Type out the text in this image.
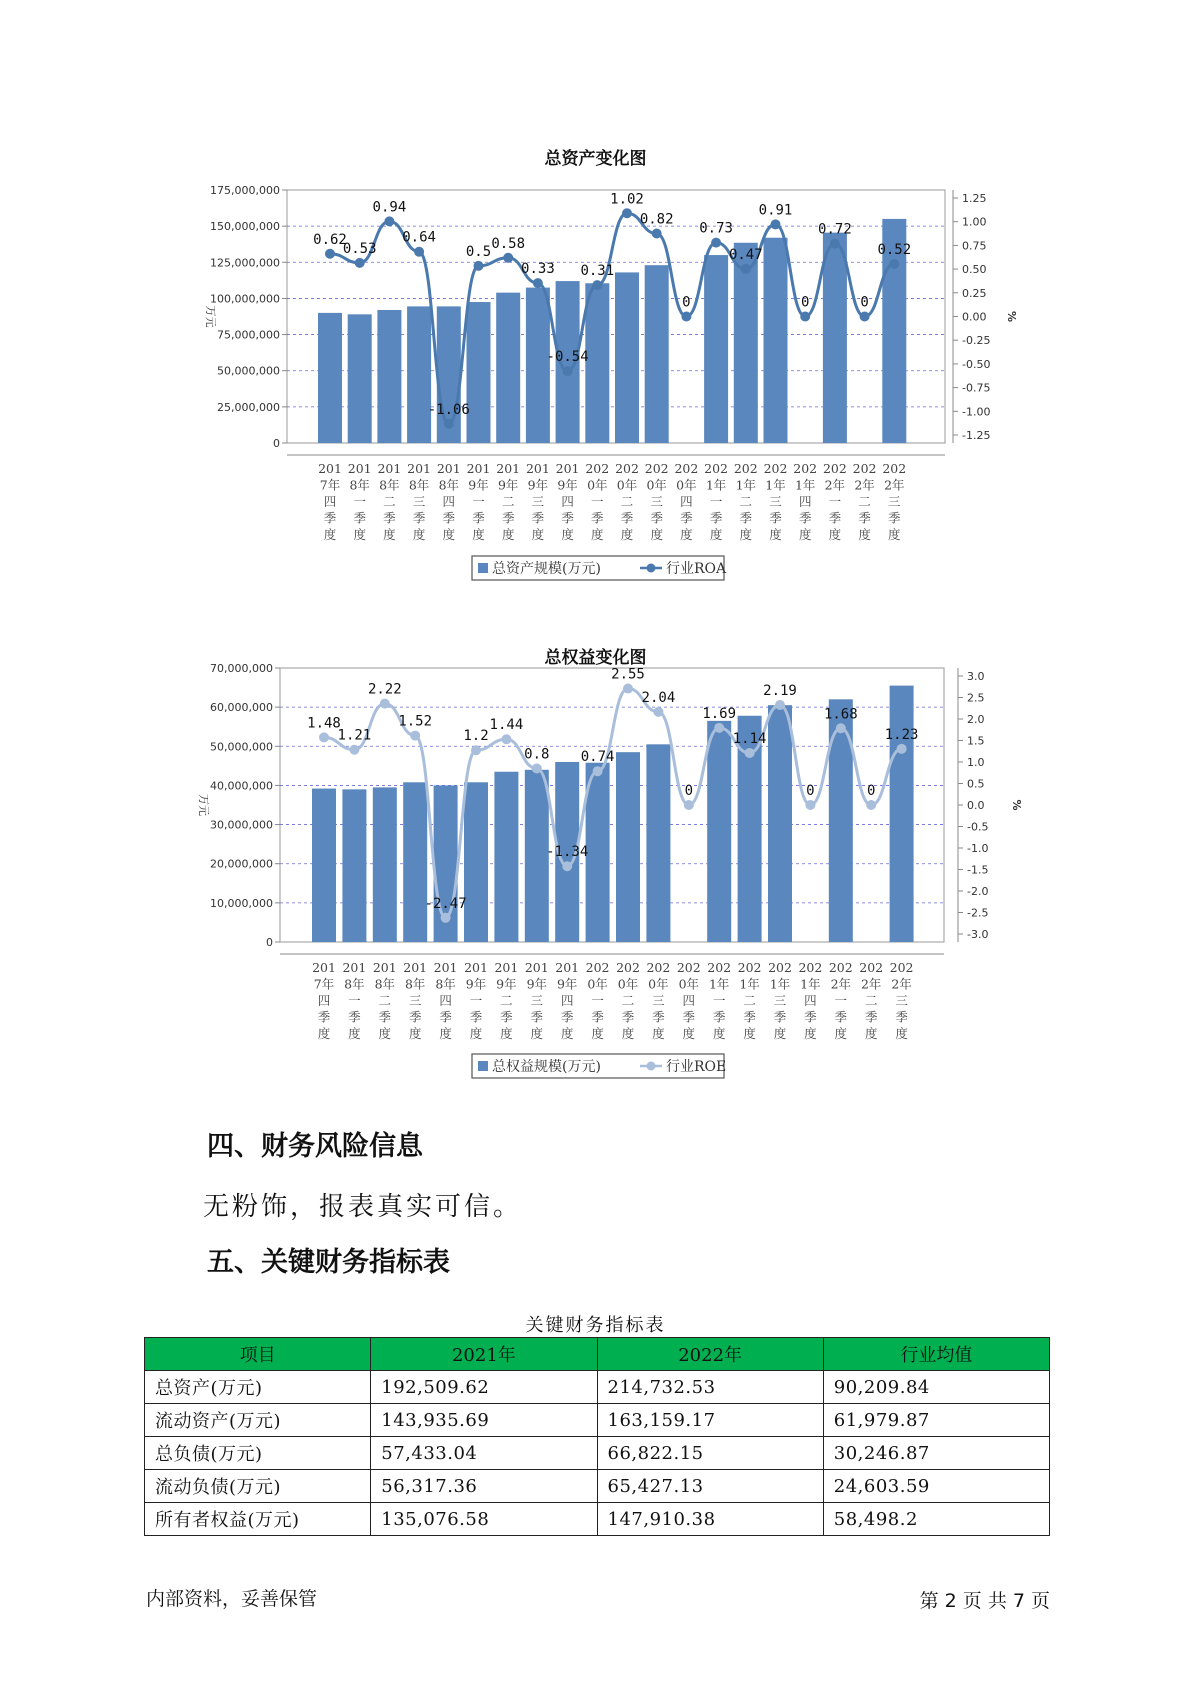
总资产变化图
175,000,000
150,000,000
125,000,000
100,000,000
75,000,000
50,000,000
25,000,000
0
1.25
1.00
0.75
0.50
0.25
0.00
-0.25
-0.50
-0.75
-1.00
-1.25
万元	%
0.62
0.53
0.94
0.64
-1.06
0.5
0.58
0.33
-0.54
0.31
1.02
0.82
0
0.73
0.47
0.91
0
0.72
0
0.52
201
7年
四
季
度
201
8年
一
季
度
201
8年
二
季
度
201
8年
三
季
度
201
8年
四
季
度
201
9年
一
季
度
201
9年
二
季
度
201
9年
三
季
度
201
9年
四
季
度
202
0年
一
季
度
202
0年
二
季
度
202
0年
三
季
度
202
0年
四
季
度
202
1年
一
季
度
202
1年
二
季
度
202
1年
三
季
度
202
1年
四
季
度
202
2年
一
季
度
202
2年
二
季
度
202
2年
三
季
度
总资产规模(万元)	行业ROA
总权益变化图
70,000,000
60,000,000
50,000,000
40,000,000
30,000,000
20,000,000
10,000,000
0
3.0
2.5
2.0
1.5
1.0
0.5
0.0
-0.5
-1.0
-1.5
-2.0
-2.5
-3.0
万元	%
1.48
1.21
2.22
1.52
-2.47
1.2
1.44
0.8
-1.34
0.74
2.55
2.04
0
1.69
1.14
2.19
0
1.68
0
1.23
201
7年
四
季
度
201
8年
一
季
度
201
8年
二
季
度
201
8年
三
季
度
201
8年
四
季
度
201
9年
一
季
度
201
9年
二
季
度
201
9年
三
季
度
201
9年
四
季
度
202
0年
一
季
度
202
0年
二
季
度
202
0年
三
季
度
202
0年
四
季
度
202
1年
一
季
度
202
1年
二
季
度
202
1年
三
季
度
202
1年
四
季
度
202
2年
一
季
度
202
2年
二
季
度
202
2年
三
季
度
总权益规模(万元)	行业ROE
四、财务风险信息

无粉饰，报表真实可信。

五、关键财务指标表
关键财务指标表
项目	2021年	2022年	行业均值
总资产(万元)	192,509.62	214,732.53	90,209.84
流动资产(万元)	143,935.69	163,159.17	61,979.87
总负债(万元)	57,433.04	66,822.15	30,246.87
流动负债(万元)	56,317.36	65,427.13	24,603.59
所有者权益(万元)	135,076.58	147,910.38	58,498.2
内部资料，妥善保管	第 2 页 共 7 页
